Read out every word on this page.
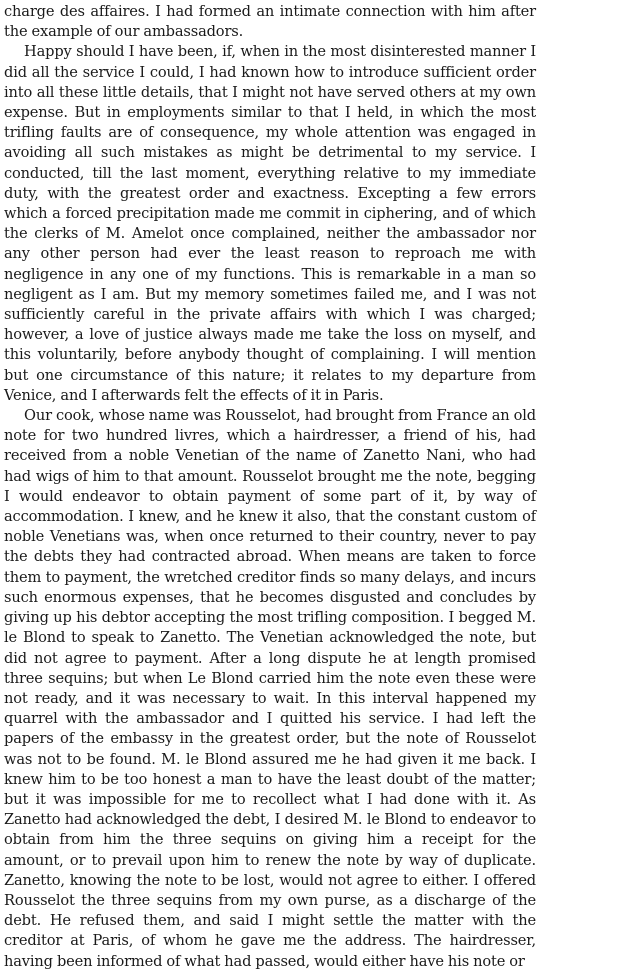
charge des affaires. I had formed an intimate connection with him after the example of our ambassadors.

Happy should I have been, if, when in the most disinterested manner I did all the service I could, I had known how to introduce sufficient order into all these little details, that I might not have served others at my own expense. But in employments similar to that I held, in which the most trifling faults are of consequence, my whole attention was engaged in avoiding all such mistakes as might be detrimental to my service. I conducted, till the last moment, everything relative to my immediate duty, with the greatest order and exactness. Excepting a few errors which a forced precipitation made me commit in ciphering, and of which the clerks of M. Amelot once complained, neither the ambassador nor any other person had ever the least reason to reproach me with negligence in any one of my functions. This is remarkable in a man so negligent as I am. But my memory sometimes failed me, and I was not sufficiently careful in the private affairs with which I was charged; however, a love of justice always made me take the loss on myself, and this voluntarily, before anybody thought of complaining. I will mention but one circumstance of this nature; it relates to my departure from Venice, and I afterwards felt the effects of it in Paris.

Our cook, whose name was Rousselot, had brought from France an old note for two hundred livres, which a hairdresser, a friend of his, had received from a noble Venetian of the name of Zanetto Nani, who had had wigs of him to that amount. Rousselot brought me the note, begging I would endeavor to obtain payment of some part of it, by way of accommodation. I knew, and he knew it also, that the constant custom of noble Venetians was, when once returned to their country, never to pay the debts they had contracted abroad. When means are taken to force them to payment, the wretched creditor finds so many delays, and incurs such enormous expenses, that he becomes disgusted and concludes by giving up his debtor accepting the most trifling composition. I begged M. le Blond to speak to Zanetto. The Venetian acknowledged the note, but did not agree to payment. After a long dispute he at length promised three sequins; but when Le Blond carried him the note even these were not ready, and it was necessary to wait. In this interval happened my quarrel with the ambassador and I quitted his service. I had left the papers of the embassy in the greatest order, but the note of Rousselot was not to be found. M. le Blond assured me he had given it me back. I knew him to be too honest a man to have the least doubt of the matter; but it was impossible for me to recollect what I had done with it. As Zanetto had acknowledged the debt, I desired M. le Blond to endeavor to obtain from him the three sequins on giving him a receipt for the amount, or to prevail upon him to renew the note by way of duplicate. Zanetto, knowing the note to be lost, would not agree to either. I offered Rousselot the three sequins from my own purse, as a discharge of the debt. He refused them, and said I might settle the matter with the creditor at Paris, of whom he gave me the address. The hairdresser, having been informed of what had passed, would either have his note or
